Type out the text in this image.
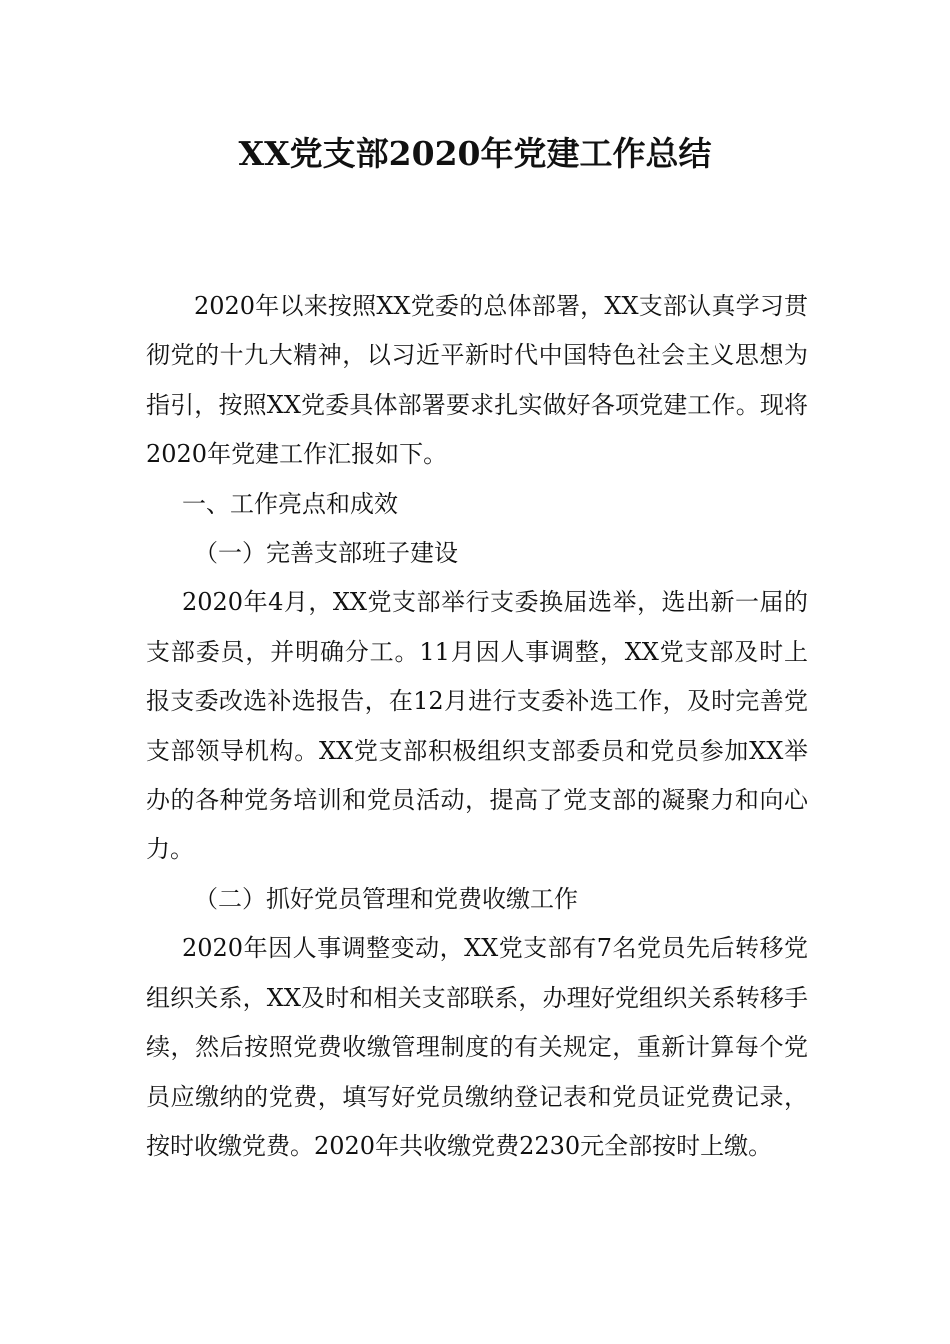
XX党支部2020年党建工作总结

2020年以来按照XX党委的总体部署，XX支部认真学习贯彻党的十九大精神，以习近平新时代中国特色社会主义思想为指引，按照XX党委具体部署要求扎实做好各项党建工作。现将2020年党建工作汇报如下。

一、工作亮点和成效

（一）完善支部班子建设

2020年4月，XX党支部举行支委换届选举，选出新一届的支部委员，并明确分工。11月因人事调整，XX党支部及时上报支委改选补选报告，在12月进行支委补选工作，及时完善党支部领导机构。XX党支部积极组织支部委员和党员参加XX举办的各种党务培训和党员活动，提高了党支部的凝聚力和向心力。

（二）抓好党员管理和党费收缴工作

2020年因人事调整变动，XX党支部有7名党员先后转移党组织关系，XX及时和相关支部联系，办理好党组织关系转移手续，然后按照党费收缴管理制度的有关规定，重新计算每个党员应缴纳的党费，填写好党员缴纳登记表和党员证党费记录，按时收缴党费。2020年共收缴党费2230元全部按时上缴。
